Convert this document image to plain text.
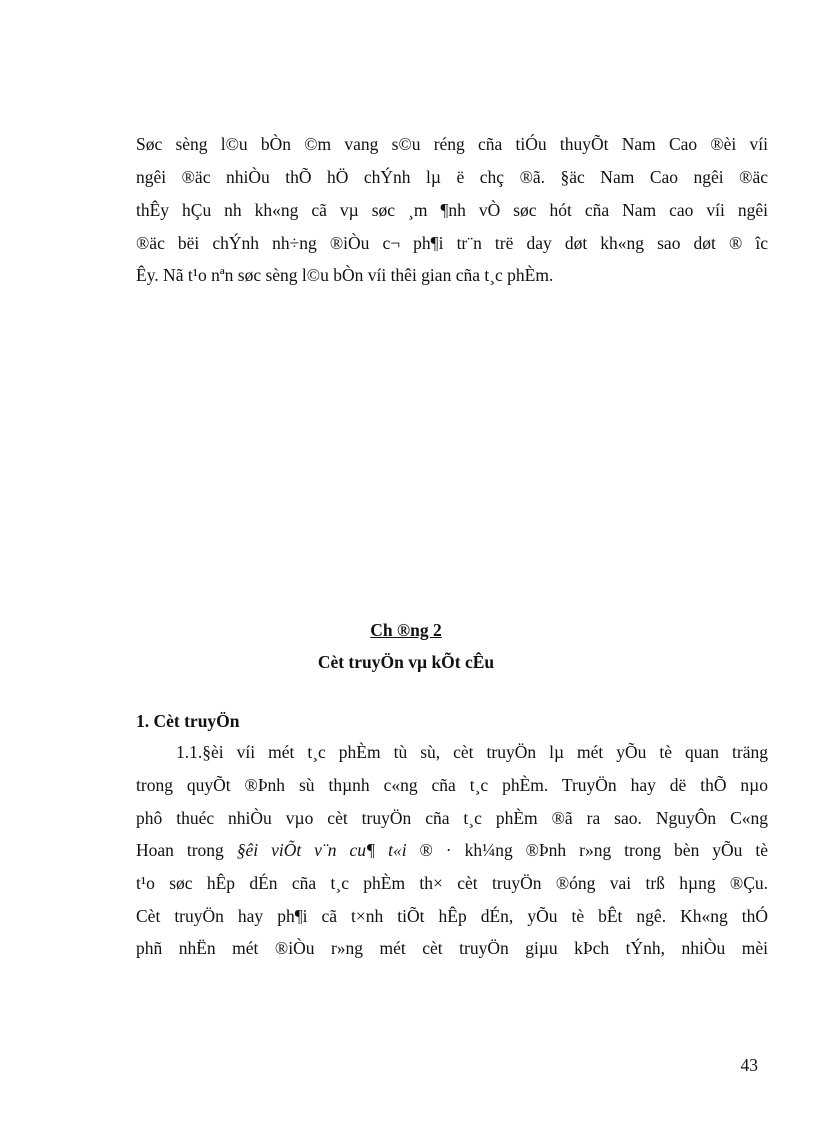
Søc sèng l©u bÒn ©m vang s©u réng cña tiÓu thuyÕt Nam Cao ®èi víi
ngêi ®äc nhiÒu thÕ hÖ chÝnh lµ ë chç ®ã. §äc Nam Cao ngêi ®äc
thÊy hÇu nh kh«ng cã vµ søc ¸m ¶nh vÒ søc hót cña Nam cao víi ngêi
®äc bëi chÝnh nh÷ng ®iÒu c¬ ph¶i tr¨n trë day døt kh«ng sao døt ® îc
Êy. Nã t¹o nªn søc sèng l©u bÒn víi thêi gian cña t¸c phÈm.
Ch ®ng 2
Cèt truyÖn vµ kÕt cÊu
1. Cèt truyÖn
1.1.§èi víi mét t¸c phÈm tù sù, cèt truyÖn lµ mét yÕu tè quan träng
trong quyÕt ®Þnh sù thµnh c«ng cña t¸c phÈm. TruyÖn hay dë thÕ nµo
phô thuéc nhiÒu vµo cèt truyÖn cña t¸c phÈm ®ã ra sao. NguyÔn C«ng
Hoan trong §êi viÕt v¨n cu¶ t«i ® · kh¼ng ®Þnh r»ng trong bèn yÕu tè
t¹o søc hÊp dÉn cña t¸c phÈm th× cèt truyÖn ®óng vai trß hµng ®Çu.
Cèt truyÖn hay ph¶i cã t×nh tiÕt hÊp dÉn, yÕu tè bÊt ngê. Kh«ng thÓ
phñ nhËn mét ®iÒu r»ng mét cèt truyÖn giµu kÞch tÝnh, nhiÒu mèi
43
